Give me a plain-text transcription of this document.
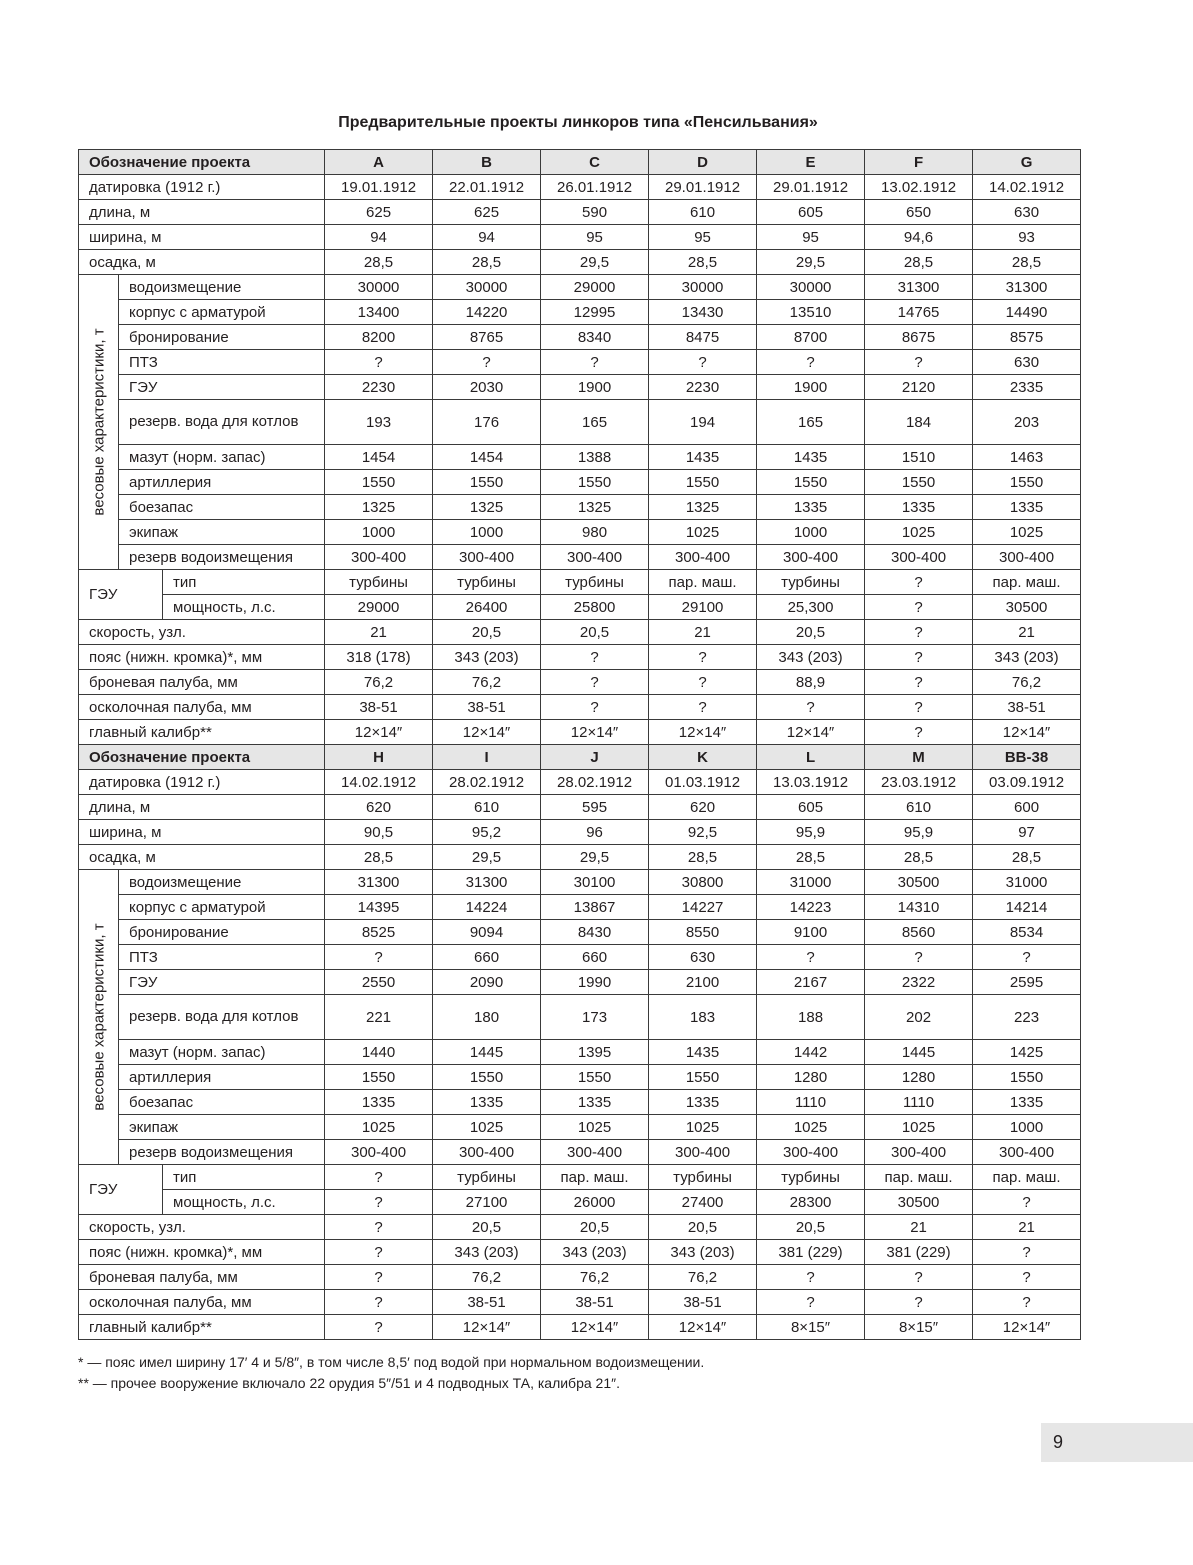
Предварительные проекты линкоров типа «Пенсильвания»
Обозначение проекта			A	B	C	D	E	F	G
датировка (1912 г.)			19.01.1912	22.01.1912	26.01.1912	29.01.1912	29.01.1912	13.02.1912	14.02.1912
длина, м			625	625	590	610	605	650	630
ширина, м			94	94	95	95	95	94,6	93
осадка, м			28,5	28,5	29,5	28,5	29,5	28,5	28,5

весовые характеристики, т	водоизмещение		30000	30000	29000	30000	30000	31300	31300
	корпус с арматурой		13400	14220	12995	13430	13510	14765	14490
	бронирование		8200	8765	8340	8475	8700	8675	8575
	ПТЗ		?	?	?	?	?	?	630
	ГЭУ		2230	2030	1900	2230	1900	2120	2335
	резерв. вода для котлов		193	176	165	194	165	184	203
	мазут (норм. запас)		1454	1454	1388	1435	1435	1510	1463
	артиллерия		1550	1550	1550	1550	1550	1550	1550
	боезапас		1325	1325	1325	1325	1335	1335	1335
	экипаж		1000	1000	980	1025	1000	1025	1025
	резерв водоизмещения		300-400	300-400	300-400	300-400	300-400	300-400	300-400
ГЭУ		тип	турбины	турбины	турбины	пар. маш.	турбины	?	пар. маш.
		мощность, л.с.	29000	26400	25800	29100	25,300	?	30500
скорость, узл.			21	20,5	20,5	21	20,5	?	21
пояс (нижн. кромка)*, мм			318 (178)	343 (203)	?	?	343 (203)	?	343 (203)
броневая палуба, мм			76,2	76,2	?	?	88,9	?	76,2
осколочная палуба, мм			38-51	38-51	?	?	?	?	38-51
главный калибр**			12×14″	12×14″	12×14″	12×14″	12×14″	?	12×14″
Обозначение проекта			H	I	J	K	L	M	BB-38
датировка (1912 г.)			14.02.1912	28.02.1912	28.02.1912	01.03.1912	13.03.1912	23.03.1912	03.09.1912
длина, м			620	610	595	620	605	610	600
ширина, м			90,5	95,2	96	92,5	95,9	95,9	97
осадка, м			28,5	29,5	29,5	28,5	28,5	28,5	28,5

весовые характеристики, т	водоизмещение		31300	31300	30100	30800	31000	30500	31000
	корпус с арматурой		14395	14224	13867	14227	14223	14310	14214
	бронирование		8525	9094	8430	8550	9100	8560	8534
	ПТЗ		?	660	660	630	?	?	?
	ГЭУ		2550	2090	1990	2100	2167	2322	2595
	резерв. вода для котлов		221	180	173	183	188	202	223
	мазут (норм. запас)		1440	1445	1395	1435	1442	1445	1425
	артиллерия		1550	1550	1550	1550	1280	1280	1550
	боезапас		1335	1335	1335	1335	1110	1110	1335
	экипаж		1025	1025	1025	1025	1025	1025	1000
	резерв водоизмещения		300-400	300-400	300-400	300-400	300-400	300-400	300-400
ГЭУ		тип	?	турбины	пар. маш.	турбины	турбины	пар. маш.	пар. маш.
		мощность, л.с.	?	27100	26000	27400	28300	30500	?
скорость, узл.			?	20,5	20,5	20,5	20,5	21	21
пояс (нижн. кромка)*, мм			?	343 (203)	343 (203)	343 (203)	381 (229)	381 (229)	?
броневая палуба, мм			?	76,2	76,2	76,2	?	?	?
осколочная палуба, мм			?	38-51	38-51	38-51	?	?	?
главный калибр**			?	12×14″	12×14″	12×14″	8×15″	8×15″	12×14″
* — пояс имел ширину 17′ 4 и 5/8″, в том числе 8,5′ под водой при нормальном водоизмещении.
** — прочее вооружение включало 22 орудия 5″/51 и 4 подводных ТА, калибра 21″.
9
